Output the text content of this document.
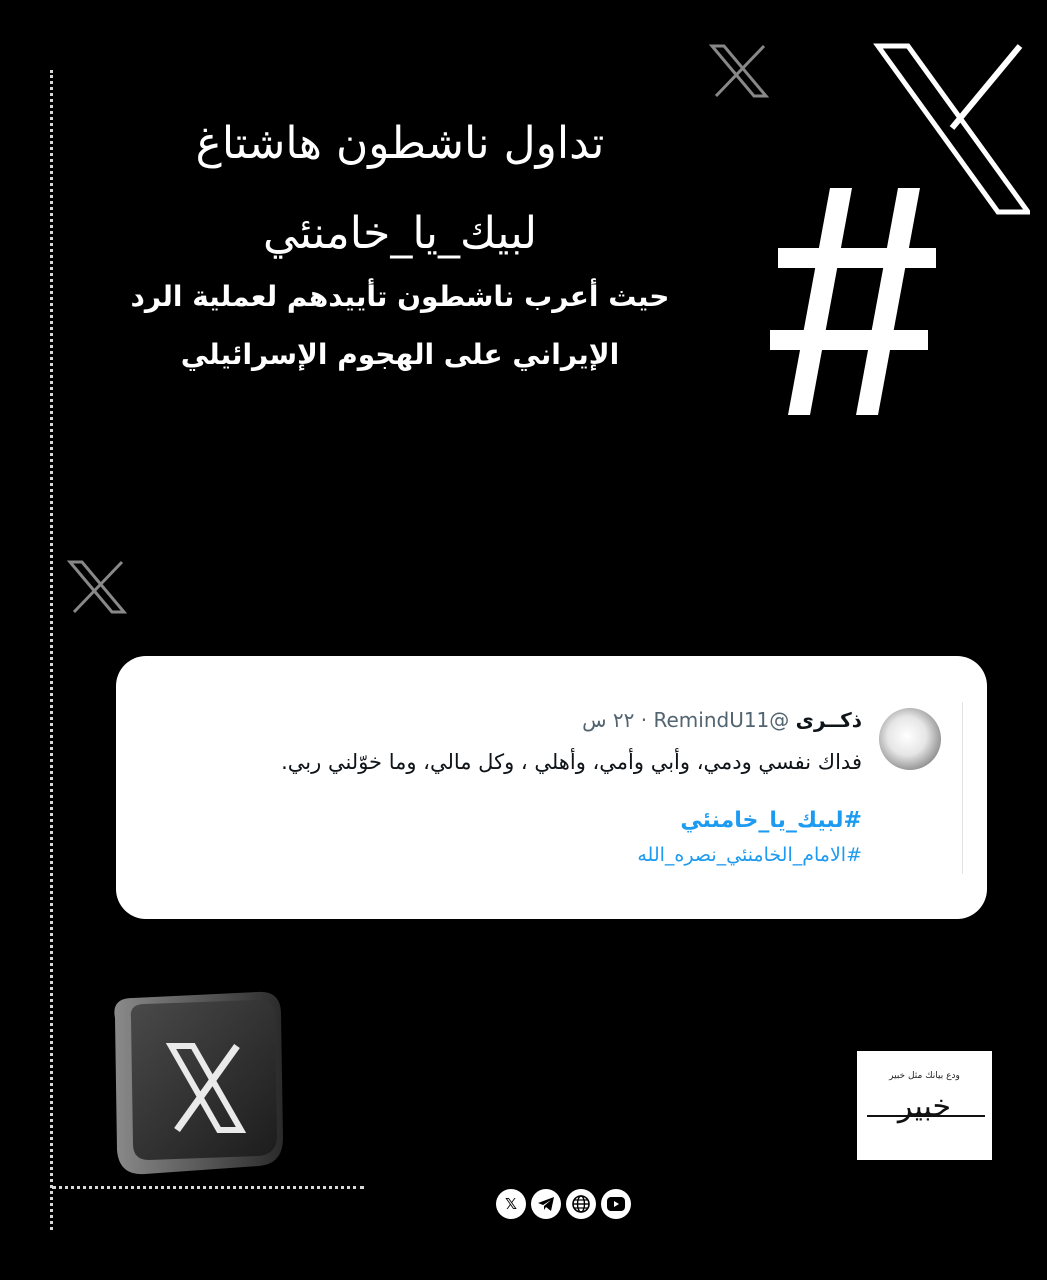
تداول ناشطون هاشتاغ
لبيك_يا_خامنئي
حيث أعرب ناشطون تأييدهم لعملية الرد
الإيراني على الهجوم الإسرائيلي
ذكــرى @RemindU11 · ٢٢ س
فداك نفسي ودمي، وأبي وأمي، وأهلي ، وكل مالي، وما خوّلني ربي.
#لبيك_يا_خامنئي
#الامام_الخامنئي_نصره_الله
ودع بيانك مثل خبير
خبير
𝕏
